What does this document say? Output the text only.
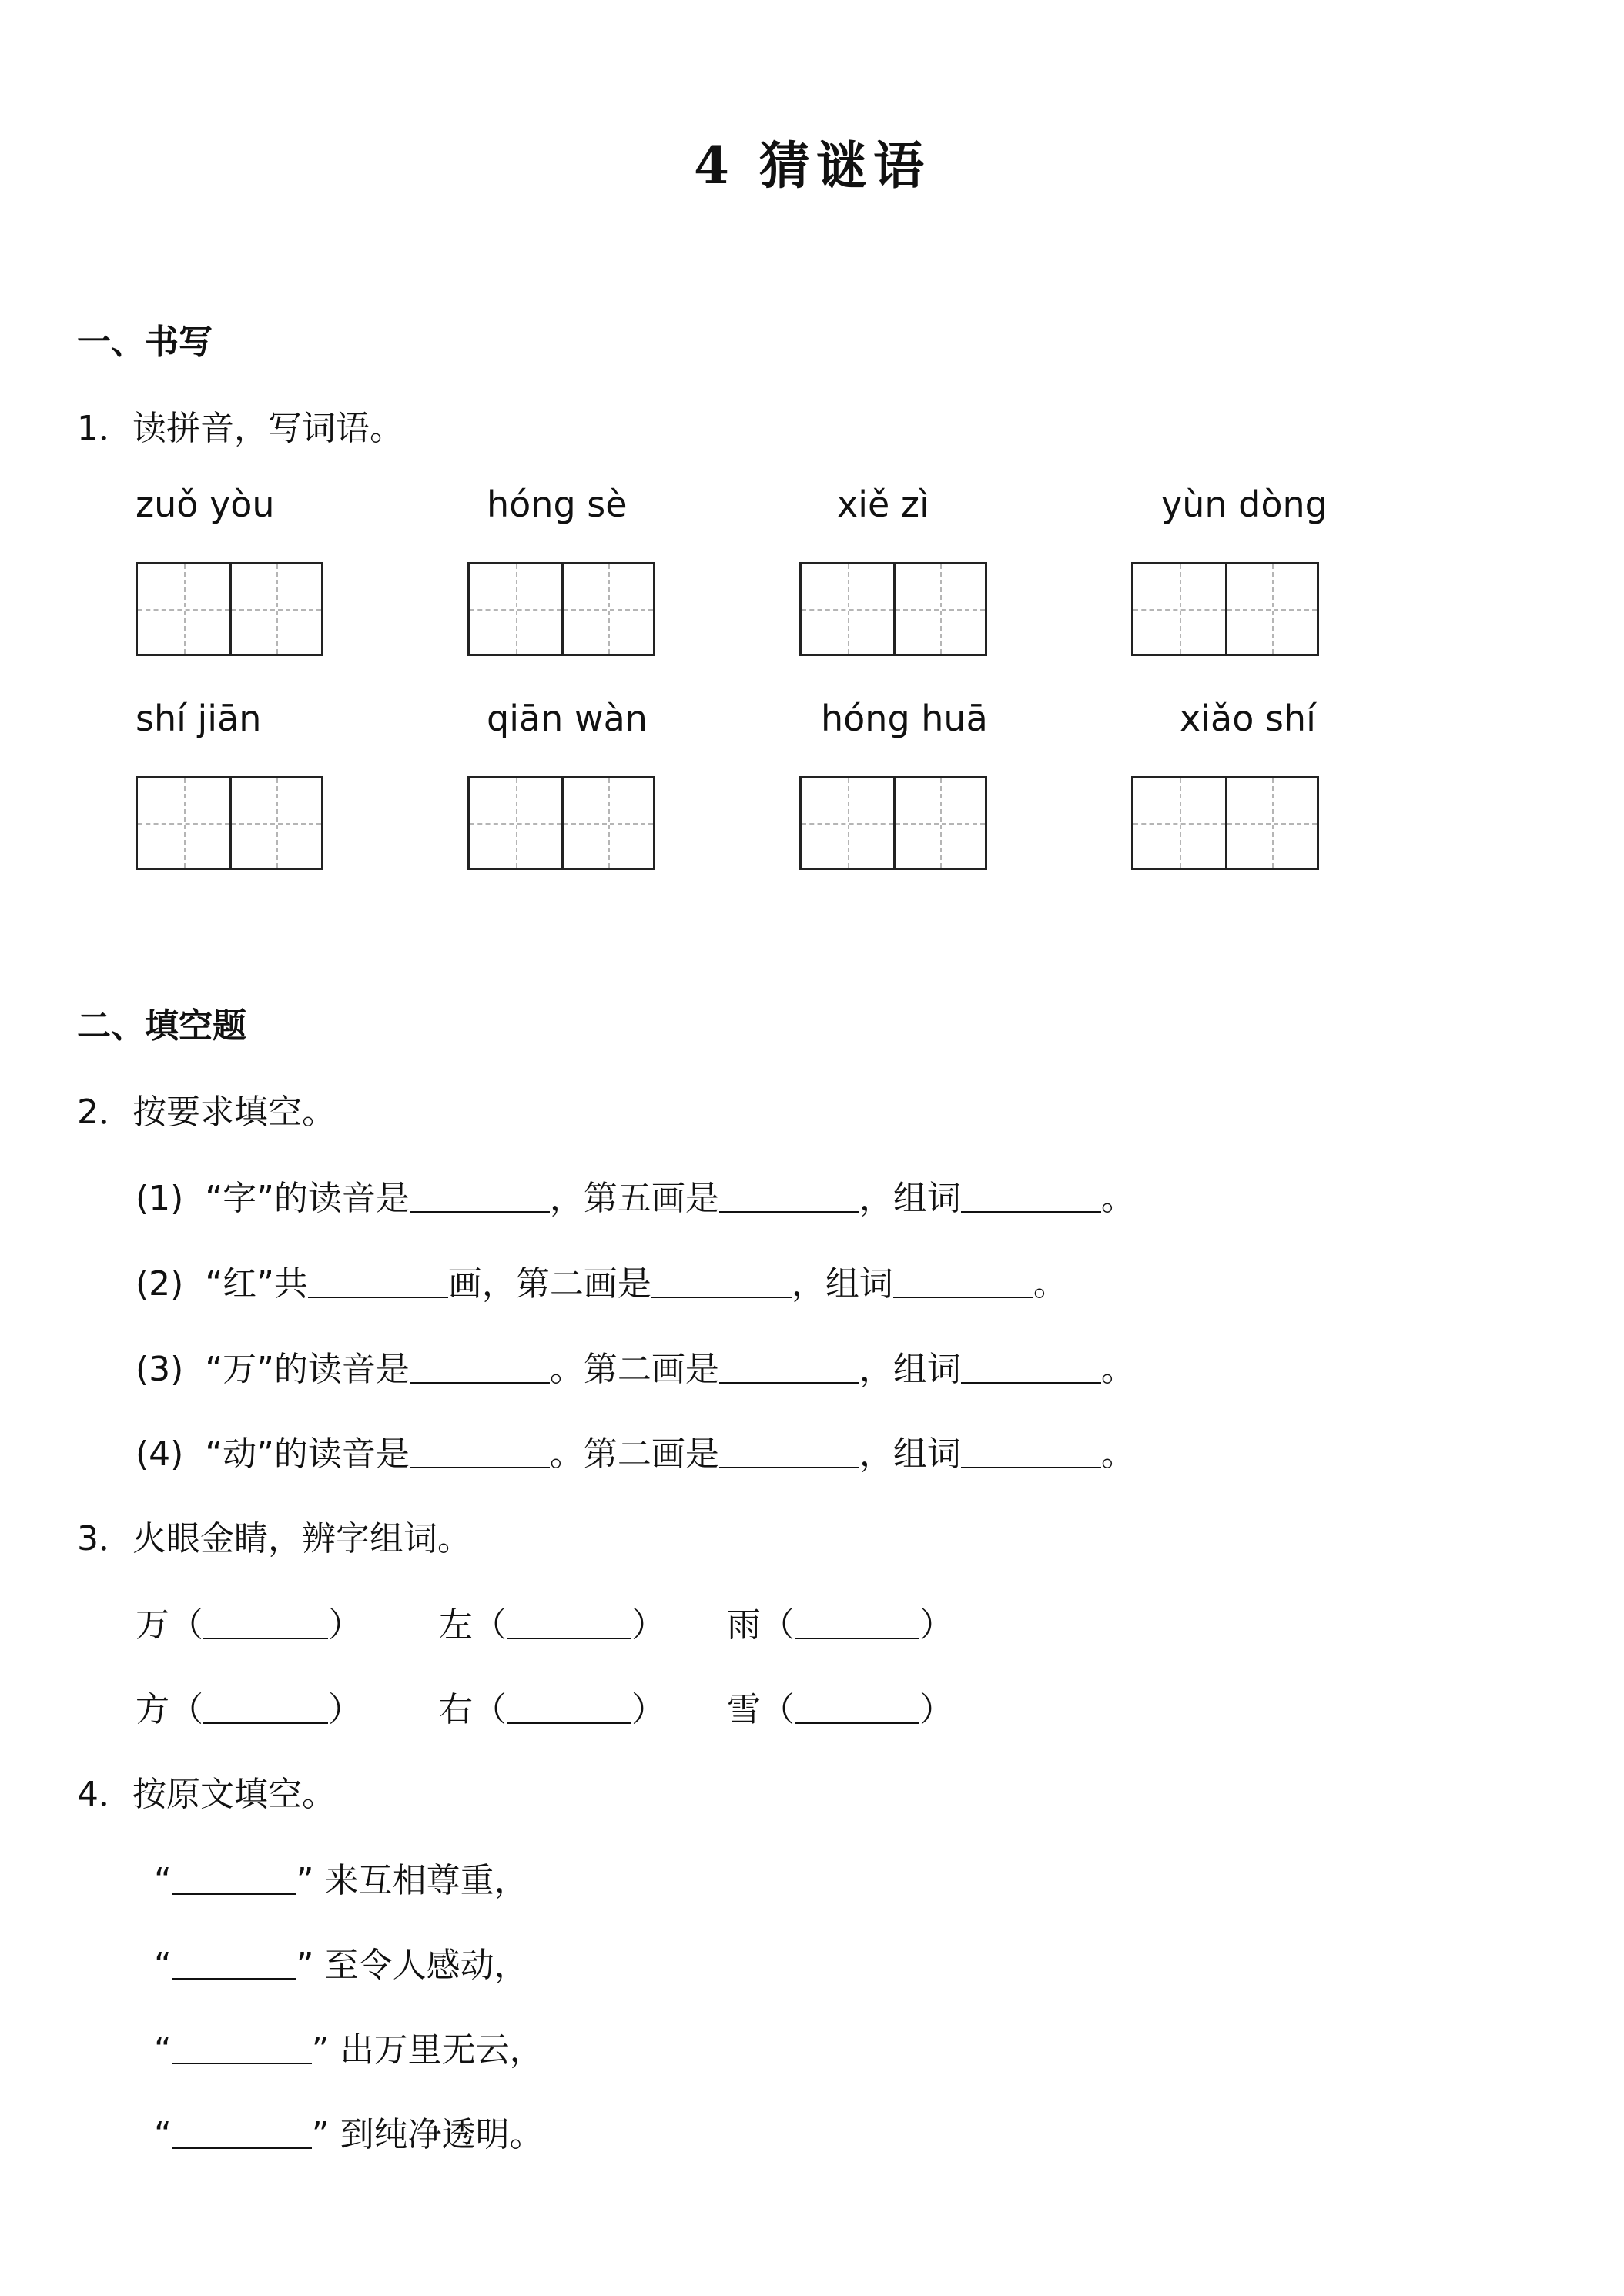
4 猜谜语
一、书写
1．读拼音，写词语。
zuǒ yòu	hóng sè	xiě zì	yùn dòng
shí jiān	qiān wàn	hóng huā	xiǎo shí
二、填空题
2．按要求填空。
(1) “字”的读音是	，第五画是	，组词	。
(2) “红”共	画，第二画是	，组词	。
(3) “万”的读音是	。第二画是	，组词	。
(4) “动”的读音是	。第二画是	，组词	。
3．火眼金睛，辨字组词。
万（	） 左（	） 雨（	）
方（	） 右（	） 雪（	）
4．按原文填空。
“	” 来互相尊重，
“	” 至令人感动，
“	” 出万里无云，
“	” 到纯净透明。
